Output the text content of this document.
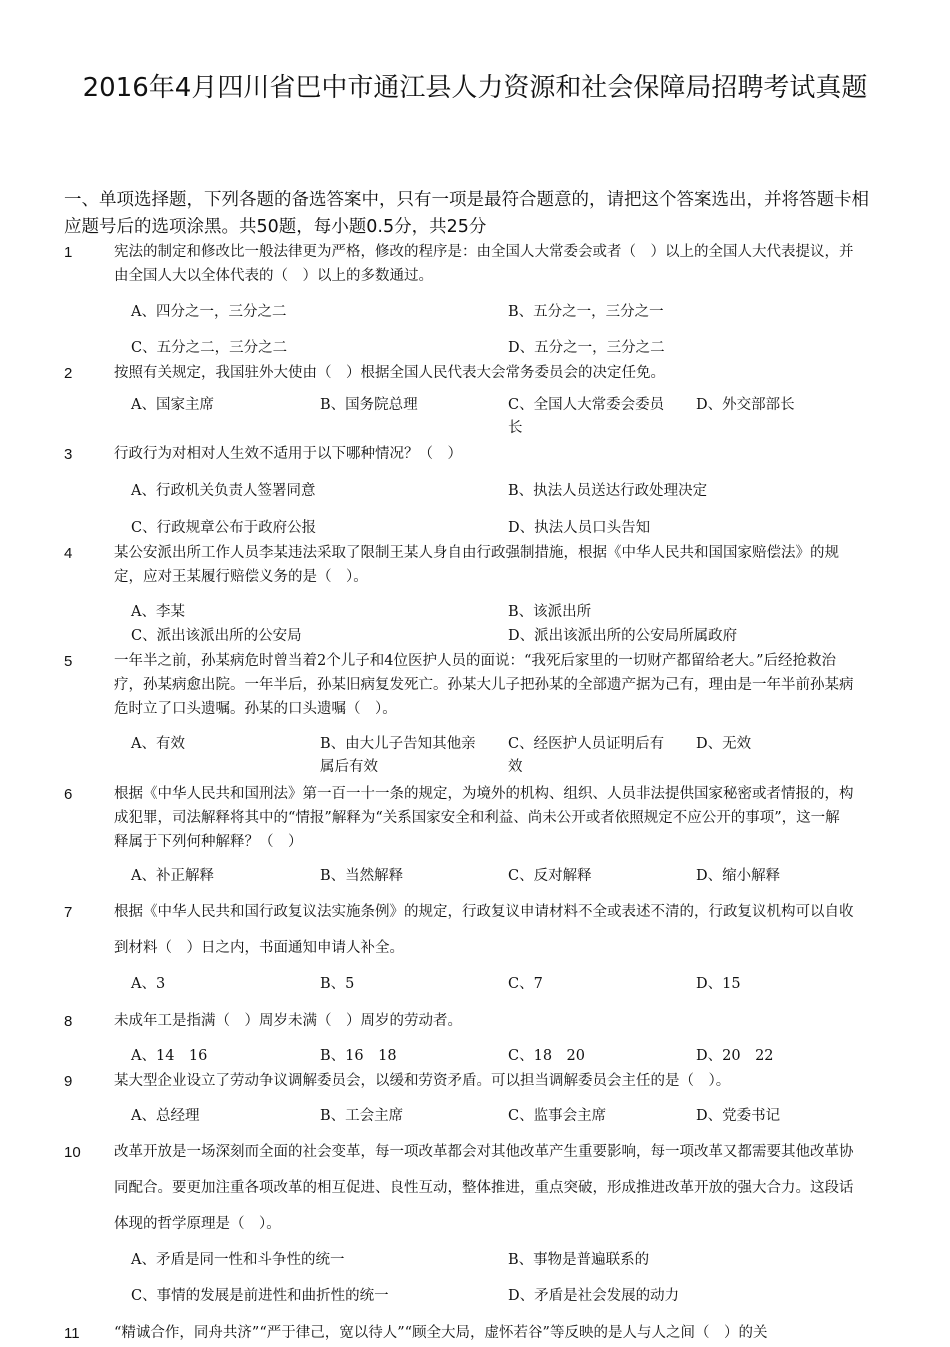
2016年4月四川省巴中市通江县人力资源和社会保障局招聘考试真题
一、单项选择题，下列各题的备选答案中，只有一项是最符合题意的，请把这个答案选出，并将答题卡相应题号后的选项涂黑。共50题，每小题0.5分，共25分
1	宪法的制定和修改比一般法律更为严格，修改的程序是：由全国人大常委会或者（　）以上的全国人大代表提议，并由全国人大以全体代表的（　）以上的多数通过。
A、四分之一，三分之二	B、五分之一，三分之一
C、五分之二，三分之二	D、五分之一，三分之二
2	按照有关规定，我国驻外大使由（　）根据全国人民代表大会常务委员会的决定任免。
A、国家主席	B、国务院总理	C、全国人大常委会委员长
D、外交部部长
3	行政行为对相对人生效不适用于以下哪种情况？（　）
A、行政机关负责人签署同意	B、执法人员送达行政处理决定
C、行政规章公布于政府公报	D、执法人员口头告知
4	某公安派出所工作人员李某违法采取了限制王某人身自由行政强制措施，根据《中华人民共和国国家赔偿法》的规定，应对王某履行赔偿义务的是（　）。
A、李某	B、该派出所
C、派出该派出所的公安局	D、派出该派出所的公安局所属政府
5	一年半之前，孙某病危时曾当着2个儿子和4位医护人员的面说：“我死后家里的一切财产都留给老大。”后经抢救治疗，孙某病愈出院。一年半后，孙某旧病复发死亡。孙某大儿子把孙某的全部遗产据为己有，理由是一年半前孙某病危时立了口头遗嘱。孙某的口头遗嘱（　）。
A、有效	B、由大儿子告知其他亲属后有效
C、经医护人员证明后有效
D、无效
6	根据《中华人民共和国刑法》第一百一十一条的规定，为境外的机构、组织、人员非法提供国家秘密或者情报的，构成犯罪，司法解释将其中的“情报”解释为“关系国家安全和利益、尚未公开或者依照规定不应公开的事项”，这一解释属于下列何种解释？（　）
A、补正解释	B、当然解释	C、反对解释	D、缩小解释
7	根据《中华人民共和国行政复议法实施条例》的规定，行政复议申请材料不全或表述不清的，行政复议机构可以自收到材料（　）日之内，书面通知申请人补全。
A、3	B、5	C、7	D、15
8	未成年工是指满（　）周岁未满（　）周岁的劳动者。
A、14　16	B、16　18	C、18　20	D、20　22
9	某大型企业设立了劳动争议调解委员会，以缓和劳资矛盾。可以担当调解委员会主任的是（　）。
A、总经理	B、工会主席	C、监事会主席	D、党委书记
10 改革开放是一场深刻而全面的社会变革，每一项改革都会对其他改革产生重要影响，每一项改革又都需要其他改革协同配合。要更加注重各项改革的相互促进、良性互动，整体推进，重点突破，形成推进改革开放的强大合力。这段话体现的哲学原理是（　）。
A、矛盾是同一性和斗争性的统一	B、事物是普遍联系的
C、事情的发展是前进性和曲折性的统一	D、矛盾是社会发展的动力
11 “精诚合作，同舟共济”“严于律己，宽以待人”“顾全大局，虚怀若谷”等反映的是人与人之间（　）的关
